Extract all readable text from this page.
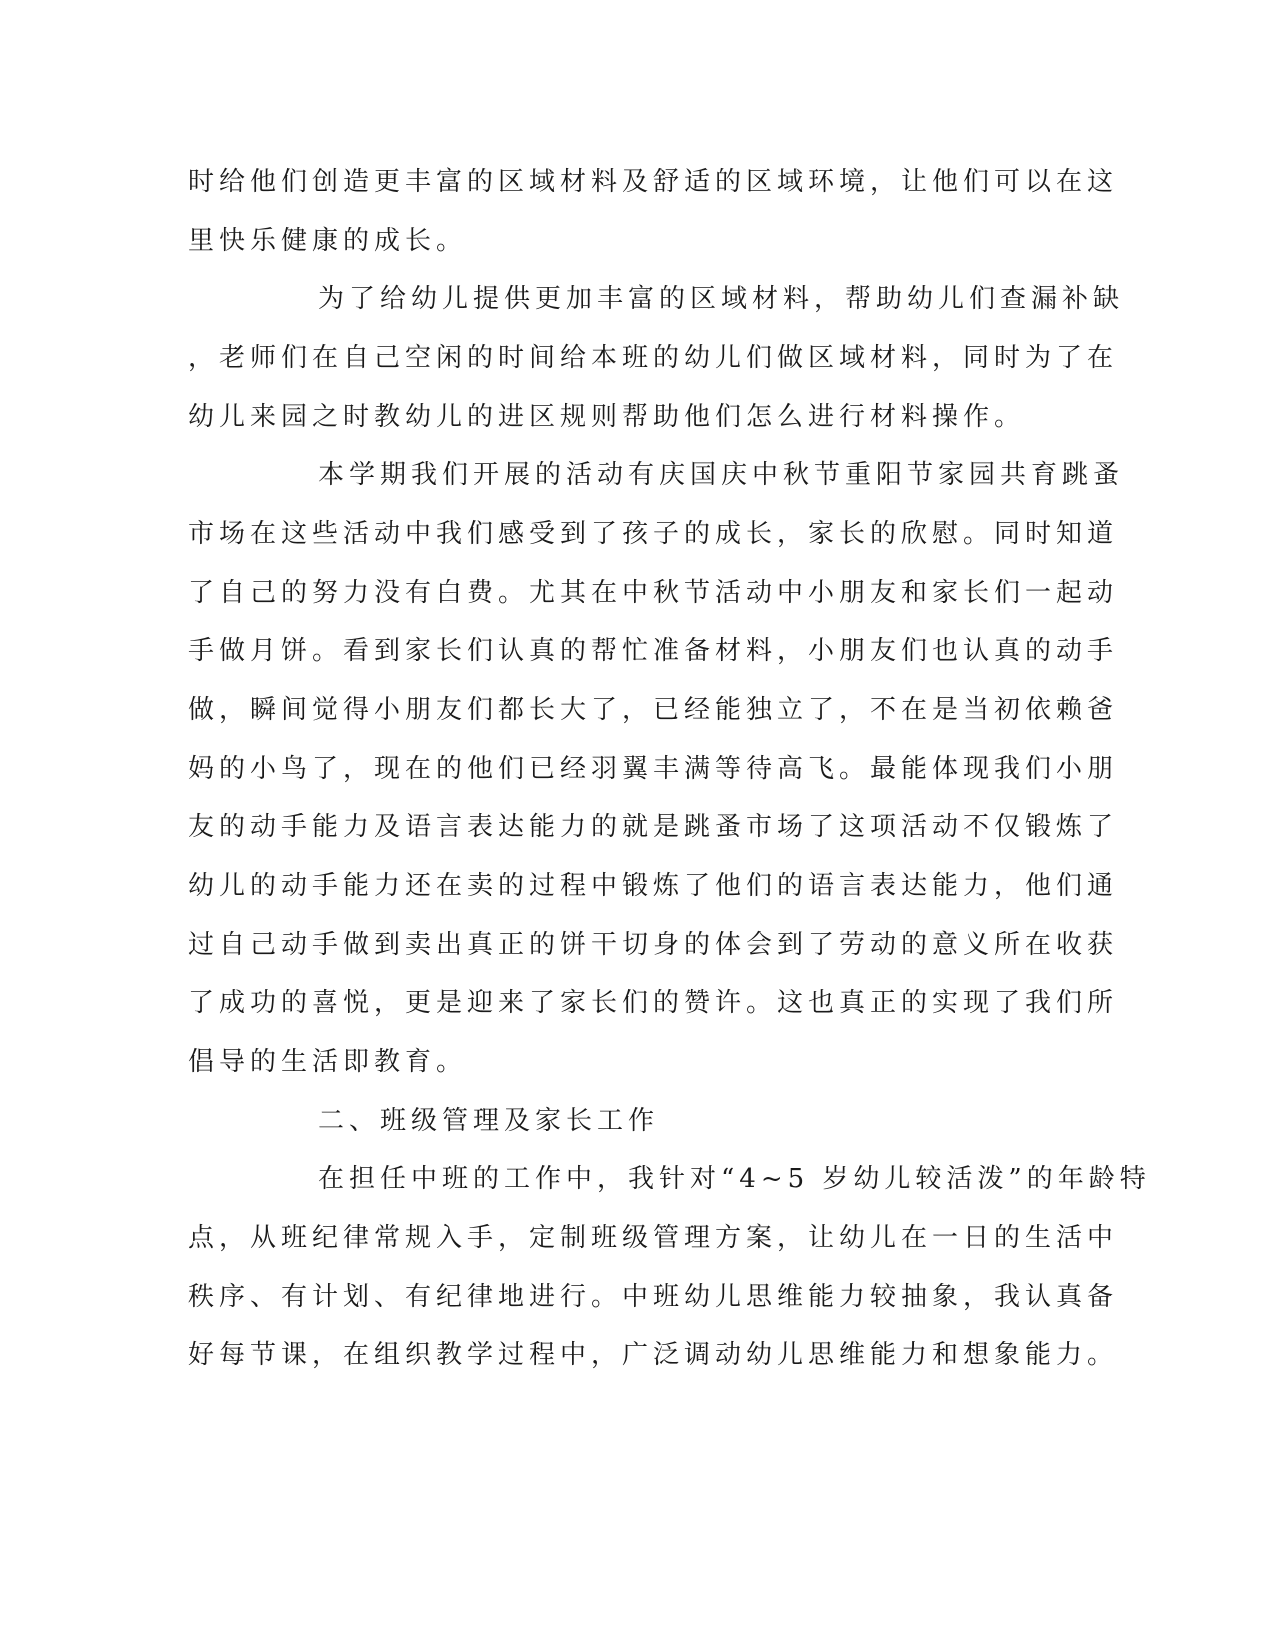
时给他们创造更丰富的区域材料及舒适的区域环境，让他们可以在这
里快乐健康的成长。
为了给幼儿提供更加丰富的区域材料，帮助幼儿们查漏补缺
，老师们在自己空闲的时间给本班的幼儿们做区域材料，同时为了在
幼儿来园之时教幼儿的进区规则帮助他们怎么进行材料操作。
本学期我们开展的活动有庆国庆中秋节重阳节家园共育跳蚤
市场在这些活动中我们感受到了孩子的成长，家长的欣慰。同时知道
了自己的努力没有白费。尤其在中秋节活动中小朋友和家长们一起动
手做月饼。看到家长们认真的帮忙准备材料，小朋友们也认真的动手
做，瞬间觉得小朋友们都长大了，已经能独立了，不在是当初依赖爸
妈的小鸟了，现在的他们已经羽翼丰满等待高飞。最能体现我们小朋
友的动手能力及语言表达能力的就是跳蚤市场了这项活动不仅锻炼了
幼儿的动手能力还在卖的过程中锻炼了他们的语言表达能力，他们通
过自己动手做到卖出真正的饼干切身的体会到了劳动的意义所在收获
了成功的喜悦，更是迎来了家长们的赞许。这也真正的实现了我们所
倡导的生活即教育。
二、班级管理及家长工作
在担任中班的工作中，我针对“4~5 岁幼儿较活泼”的年龄特
点，从班纪律常规入手，定制班级管理方案，让幼儿在一日的生活中
秩序、有计划、有纪律地进行。中班幼儿思维能力较抽象，我认真备
好每节课，在组织教学过程中，广泛调动幼儿思维能力和想象能力。
